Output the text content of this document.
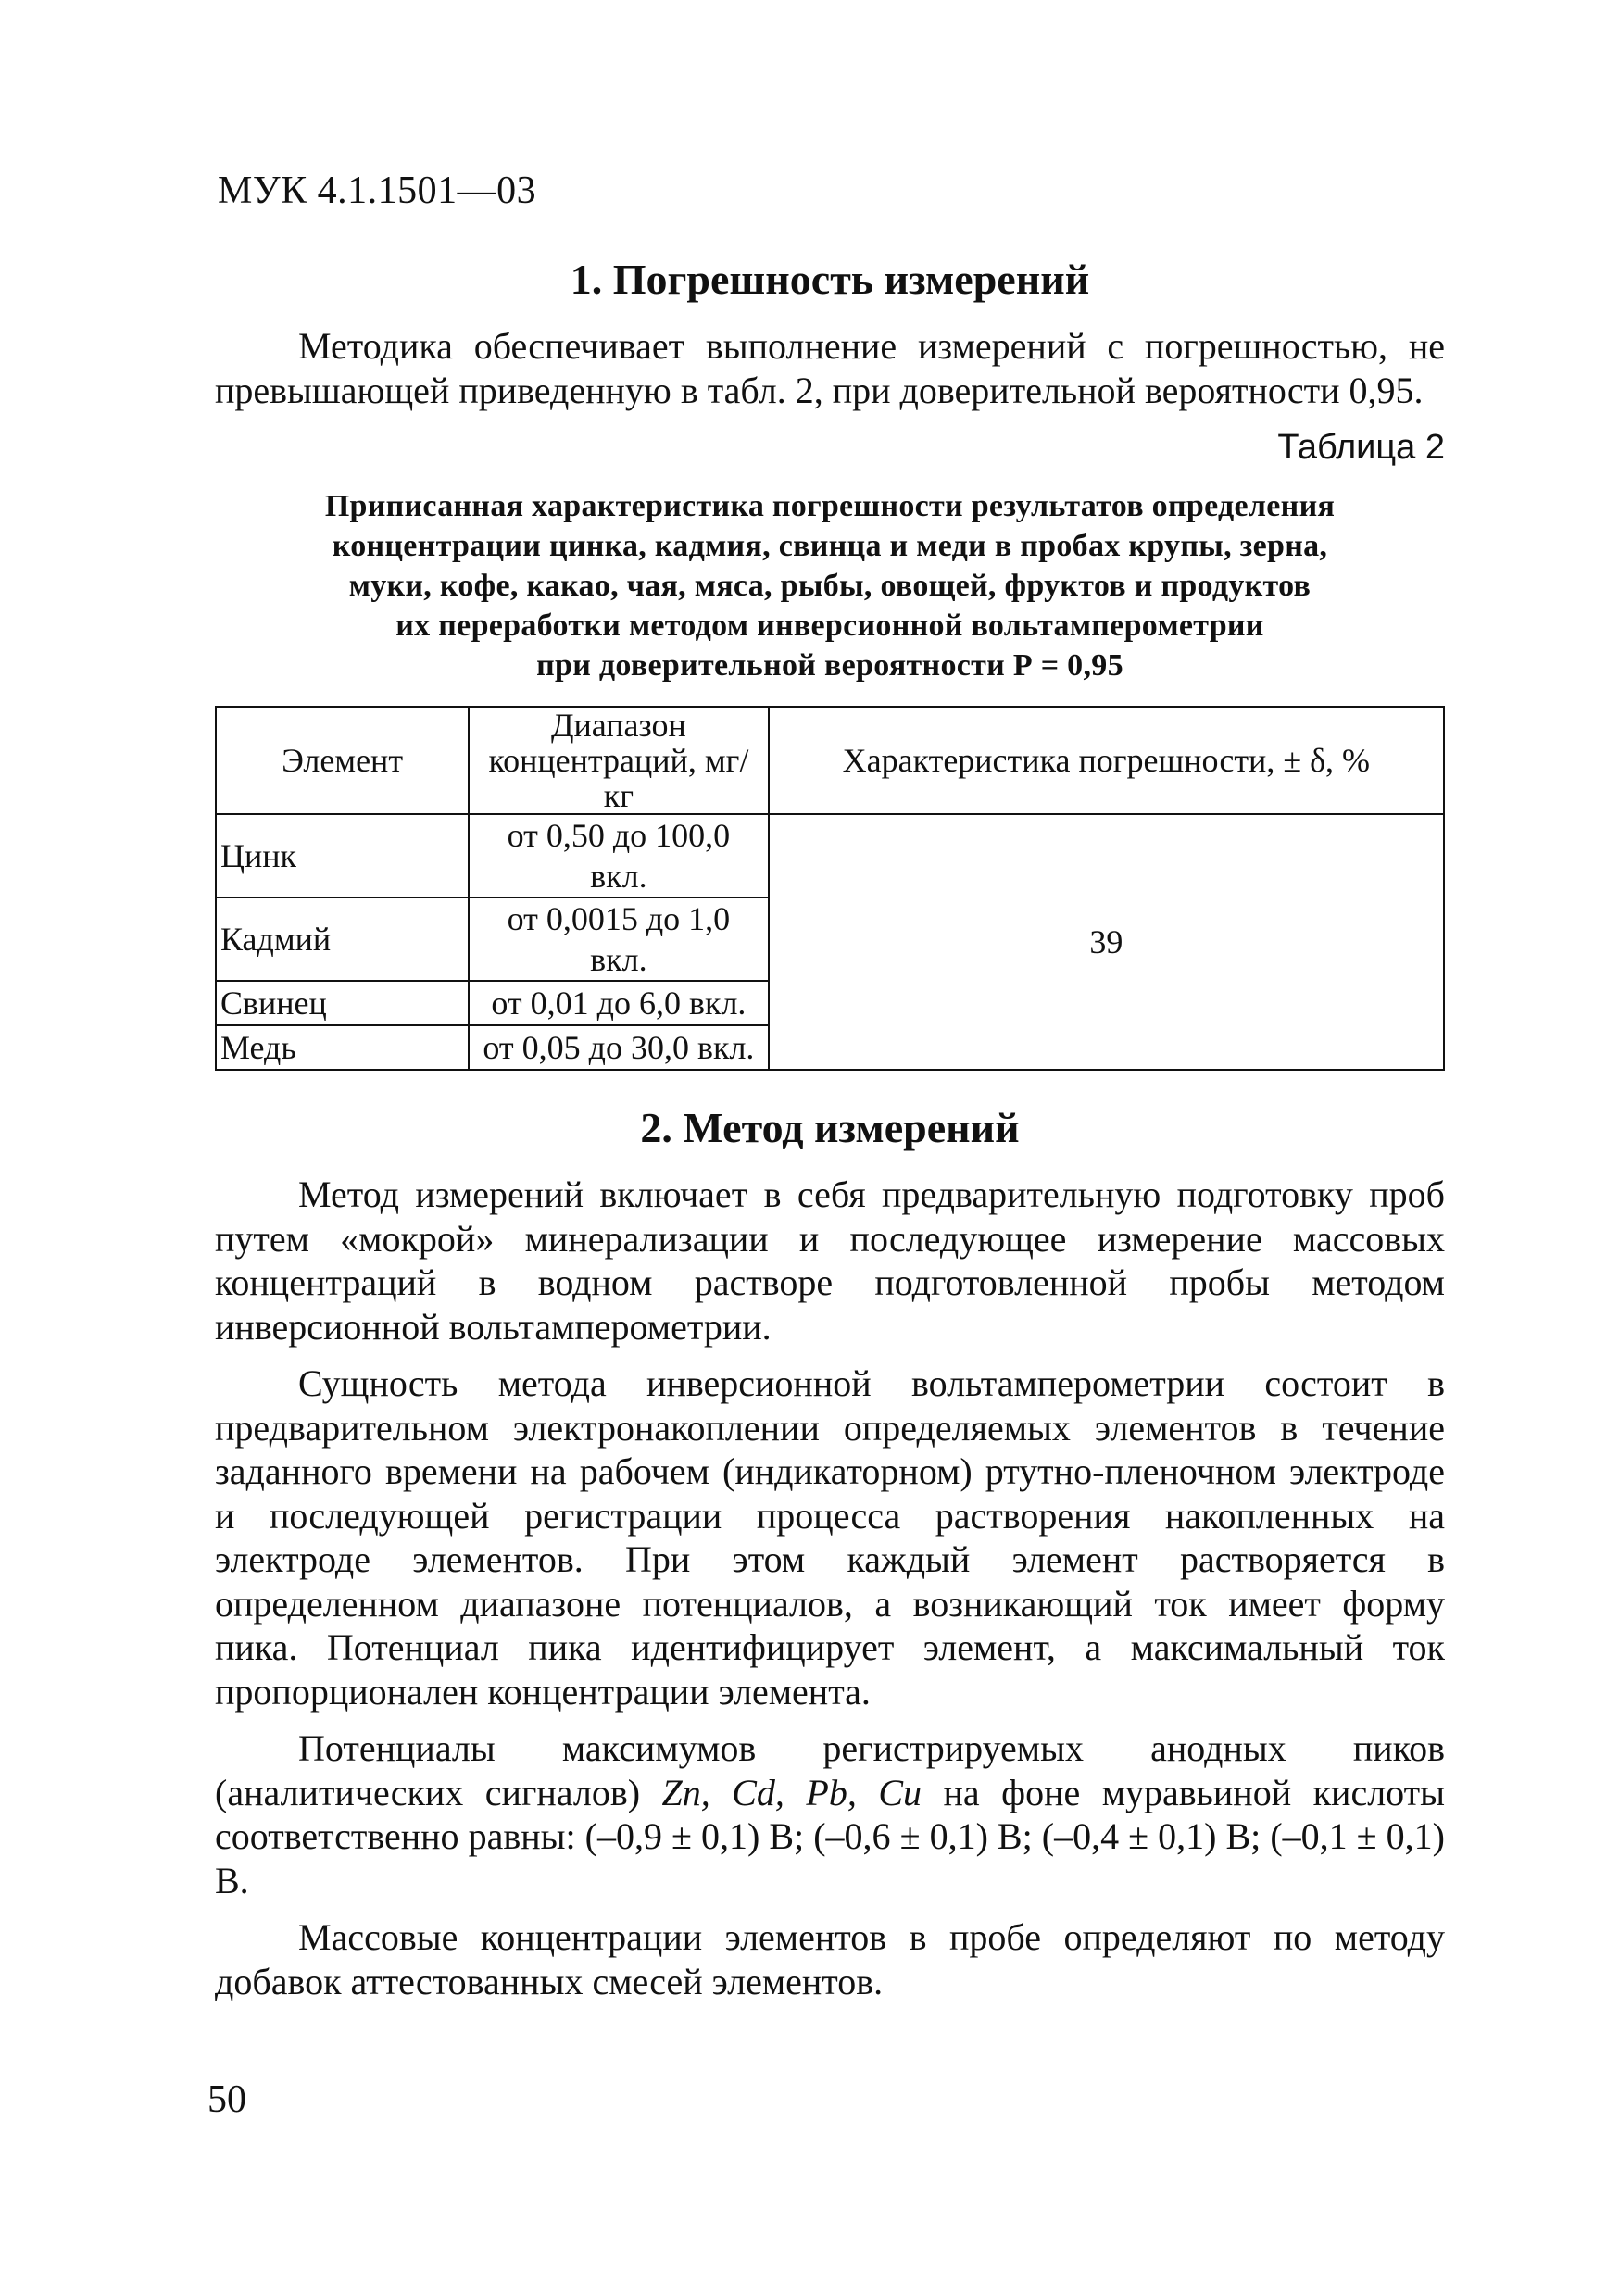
МУК 4.1.1501—03
1. Погрешность измерений

Методика обеспечивает выполнение измерений с погрешностью, не превышающей приведенную в табл. 2, при доверительной вероятности 0,95.

Таблица 2
Приписанная характеристика погрешности результатов определения
концентрации цинка, кадмия, свинца и меди в пробах крупы, зерна,
муки, кофе, какао, чая, мяса, рыбы, овощей, фруктов и продуктов
их переработки методом инверсионной вольтамперометрии
при доверительной вероятности Р = 0,95
Элемент	Диапазон концентраций, мг/кг	Характеристика погрешности, ± δ, %
Цинк	от 0,50 до 100,0 вкл.	39
Кадмий	от 0,0015 до 1,0 вкл.	
Свинец	от 0,01 до 6,0 вкл.	
Медь	от 0,05 до 30,0 вкл.	
2. Метод измерений

Метод измерений включает в себя предварительную подготовку проб путем «мокрой» минерализации и последующее измерение массовых концентраций в водном растворе подготовленной пробы методом инверсионной вольтамперометрии.

Сущность метода инверсионной вольтамперометрии состоит в предварительном электронакоплении определяемых элементов в течение заданного времени на рабочем (индикаторном) ртутно-пленочном электроде и последующей регистрации процесса растворения накопленных на электроде элементов. При этом каждый элемент растворяется в определенном диапазоне потенциалов, а возникающий ток имеет форму пика. Потенциал пика идентифицирует элемент, а максимальный ток пропорционален концентрации элемента.

Потенциалы максимумов регистрируемых анодных пиков (аналитических сигналов) Zn, Cd, Pb, Cu на фоне муравьиной кислоты соответственно равны: (–0,9 ± 0,1) В; (–0,6 ± 0,1) В; (–0,4 ± 0,1) В; (–0,1 ± 0,1) В.

Массовые концентрации элементов в пробе определяют по методу добавок аттестованных смесей элементов.

50
